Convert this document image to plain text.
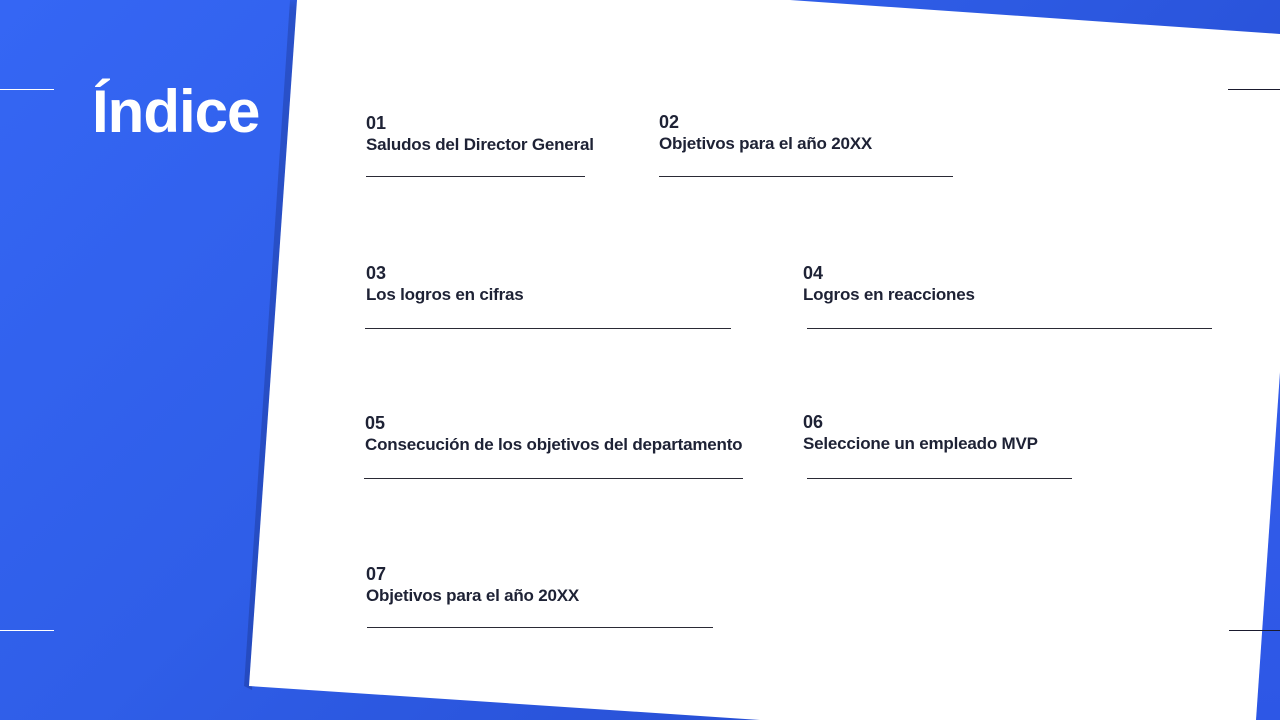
Índice	01
Saludos del Director General
02
Objetivos para el año 20XX
03
Los logros en cifras
04
Logros en reacciones
05
Consecución de los objetivos del departamento
06
Seleccione un empleado MVP
07
Objetivos para el año 20XX
